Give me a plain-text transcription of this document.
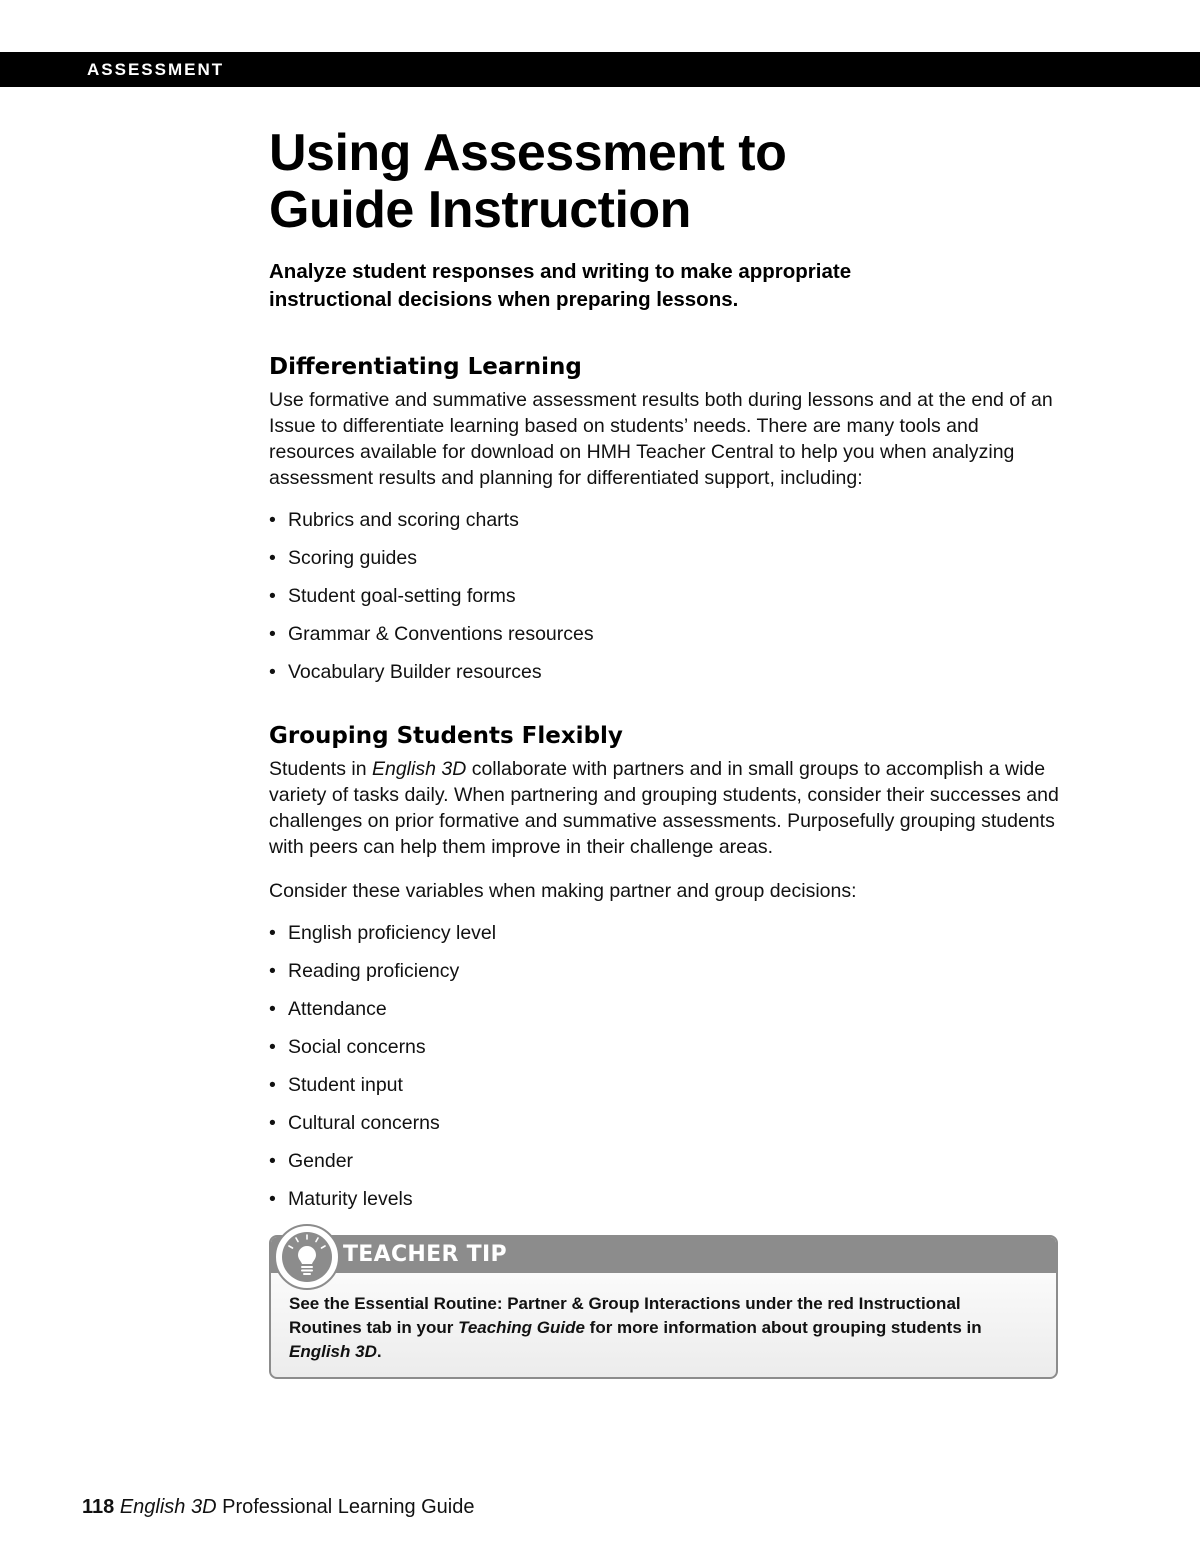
ASSESSMENT
Using Assessment to
Guide Instruction

Analyze student responses and writing to make appropriate
instructional decisions when preparing lessons.

Differentiating Learning

Use formative and summative assessment results both during lessons and at the end of an Issue to differentiate learning based on students’ needs. There are many tools and resources available for download on HMH Teacher Central to help you when analyzing assessment results and planning for differentiated support, including:

• Rubrics and scoring charts
• Scoring guides
• Student goal-setting forms
• Grammar & Conventions resources
• Vocabulary Builder resources
Grouping Students Flexibly

Students in English 3D collaborate with partners and in small groups to accomplish a wide variety of tasks daily. When partnering and grouping students, consider their successes and challenges on prior formative and summative assessments. Purposefully grouping students with peers can help them improve in their challenge areas.

Consider these variables when making partner and group decisions:

• English proficiency level
• Reading proficiency
• Attendance
• Social concerns
• Student input
• Cultural concerns
• Gender
• Maturity levels
TEACHER TIP

See the Essential Routine: Partner & Group Interactions under the red Instructional Routines tab in your Teaching Guide for more information about grouping students in English 3D.

118 English 3D Professional Learning Guide
